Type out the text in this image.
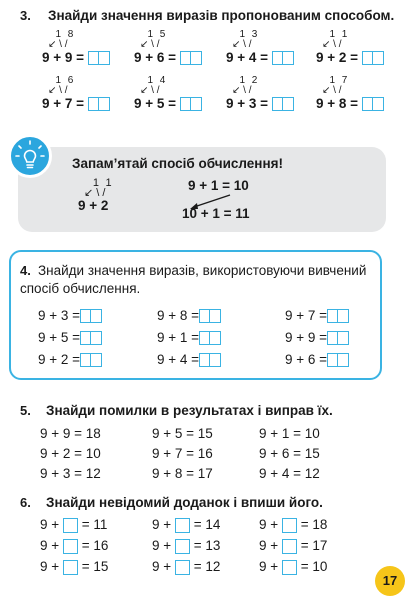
3. Знайди значення виразів пропонованим способом.
1 8
↙ \ /
9 + 9 =
1 5
↙ \ /
9 + 6 =
1 3
↙ \ /
9 + 4 =
1 1
↙ \ /
9 + 2 =
1 6
↙ \ /
9 + 7 =
1 4
↙ \ /
9 + 5 =
1 2
↙ \ /
9 + 3 =
1 7
↙ \ /
9 + 8 =
Запам’ятай спосіб обчислення!
1 1
↙ \ /
9 + 2
9 + 1 = 10
10 + 1 = 11
4. Знайди значення виразів, використовуючи вивчений
спосіб обчислення.
9 + 3 =
9 + 5 =
9 + 2 =
9 + 8 =
9 + 1 =
9 + 4 =
9 + 7 =
9 + 9 =
9 + 6 =
5. Знайди помилки в результатах і виправ їх.
9 + 9 = 18
9 + 2 = 10
9 + 3 = 12
9 + 5 = 15
9 + 7 = 16
9 + 8 = 17
9 + 1 = 10
9 + 6 = 15
9 + 4 = 12
6. Знайди невідомий доданок і впиши його.
9 + = 11
9 + = 16
9 + = 15
9 + = 14
9 + = 13
9 + = 12
9 + = 18
9 + = 17
9 + = 10
17
